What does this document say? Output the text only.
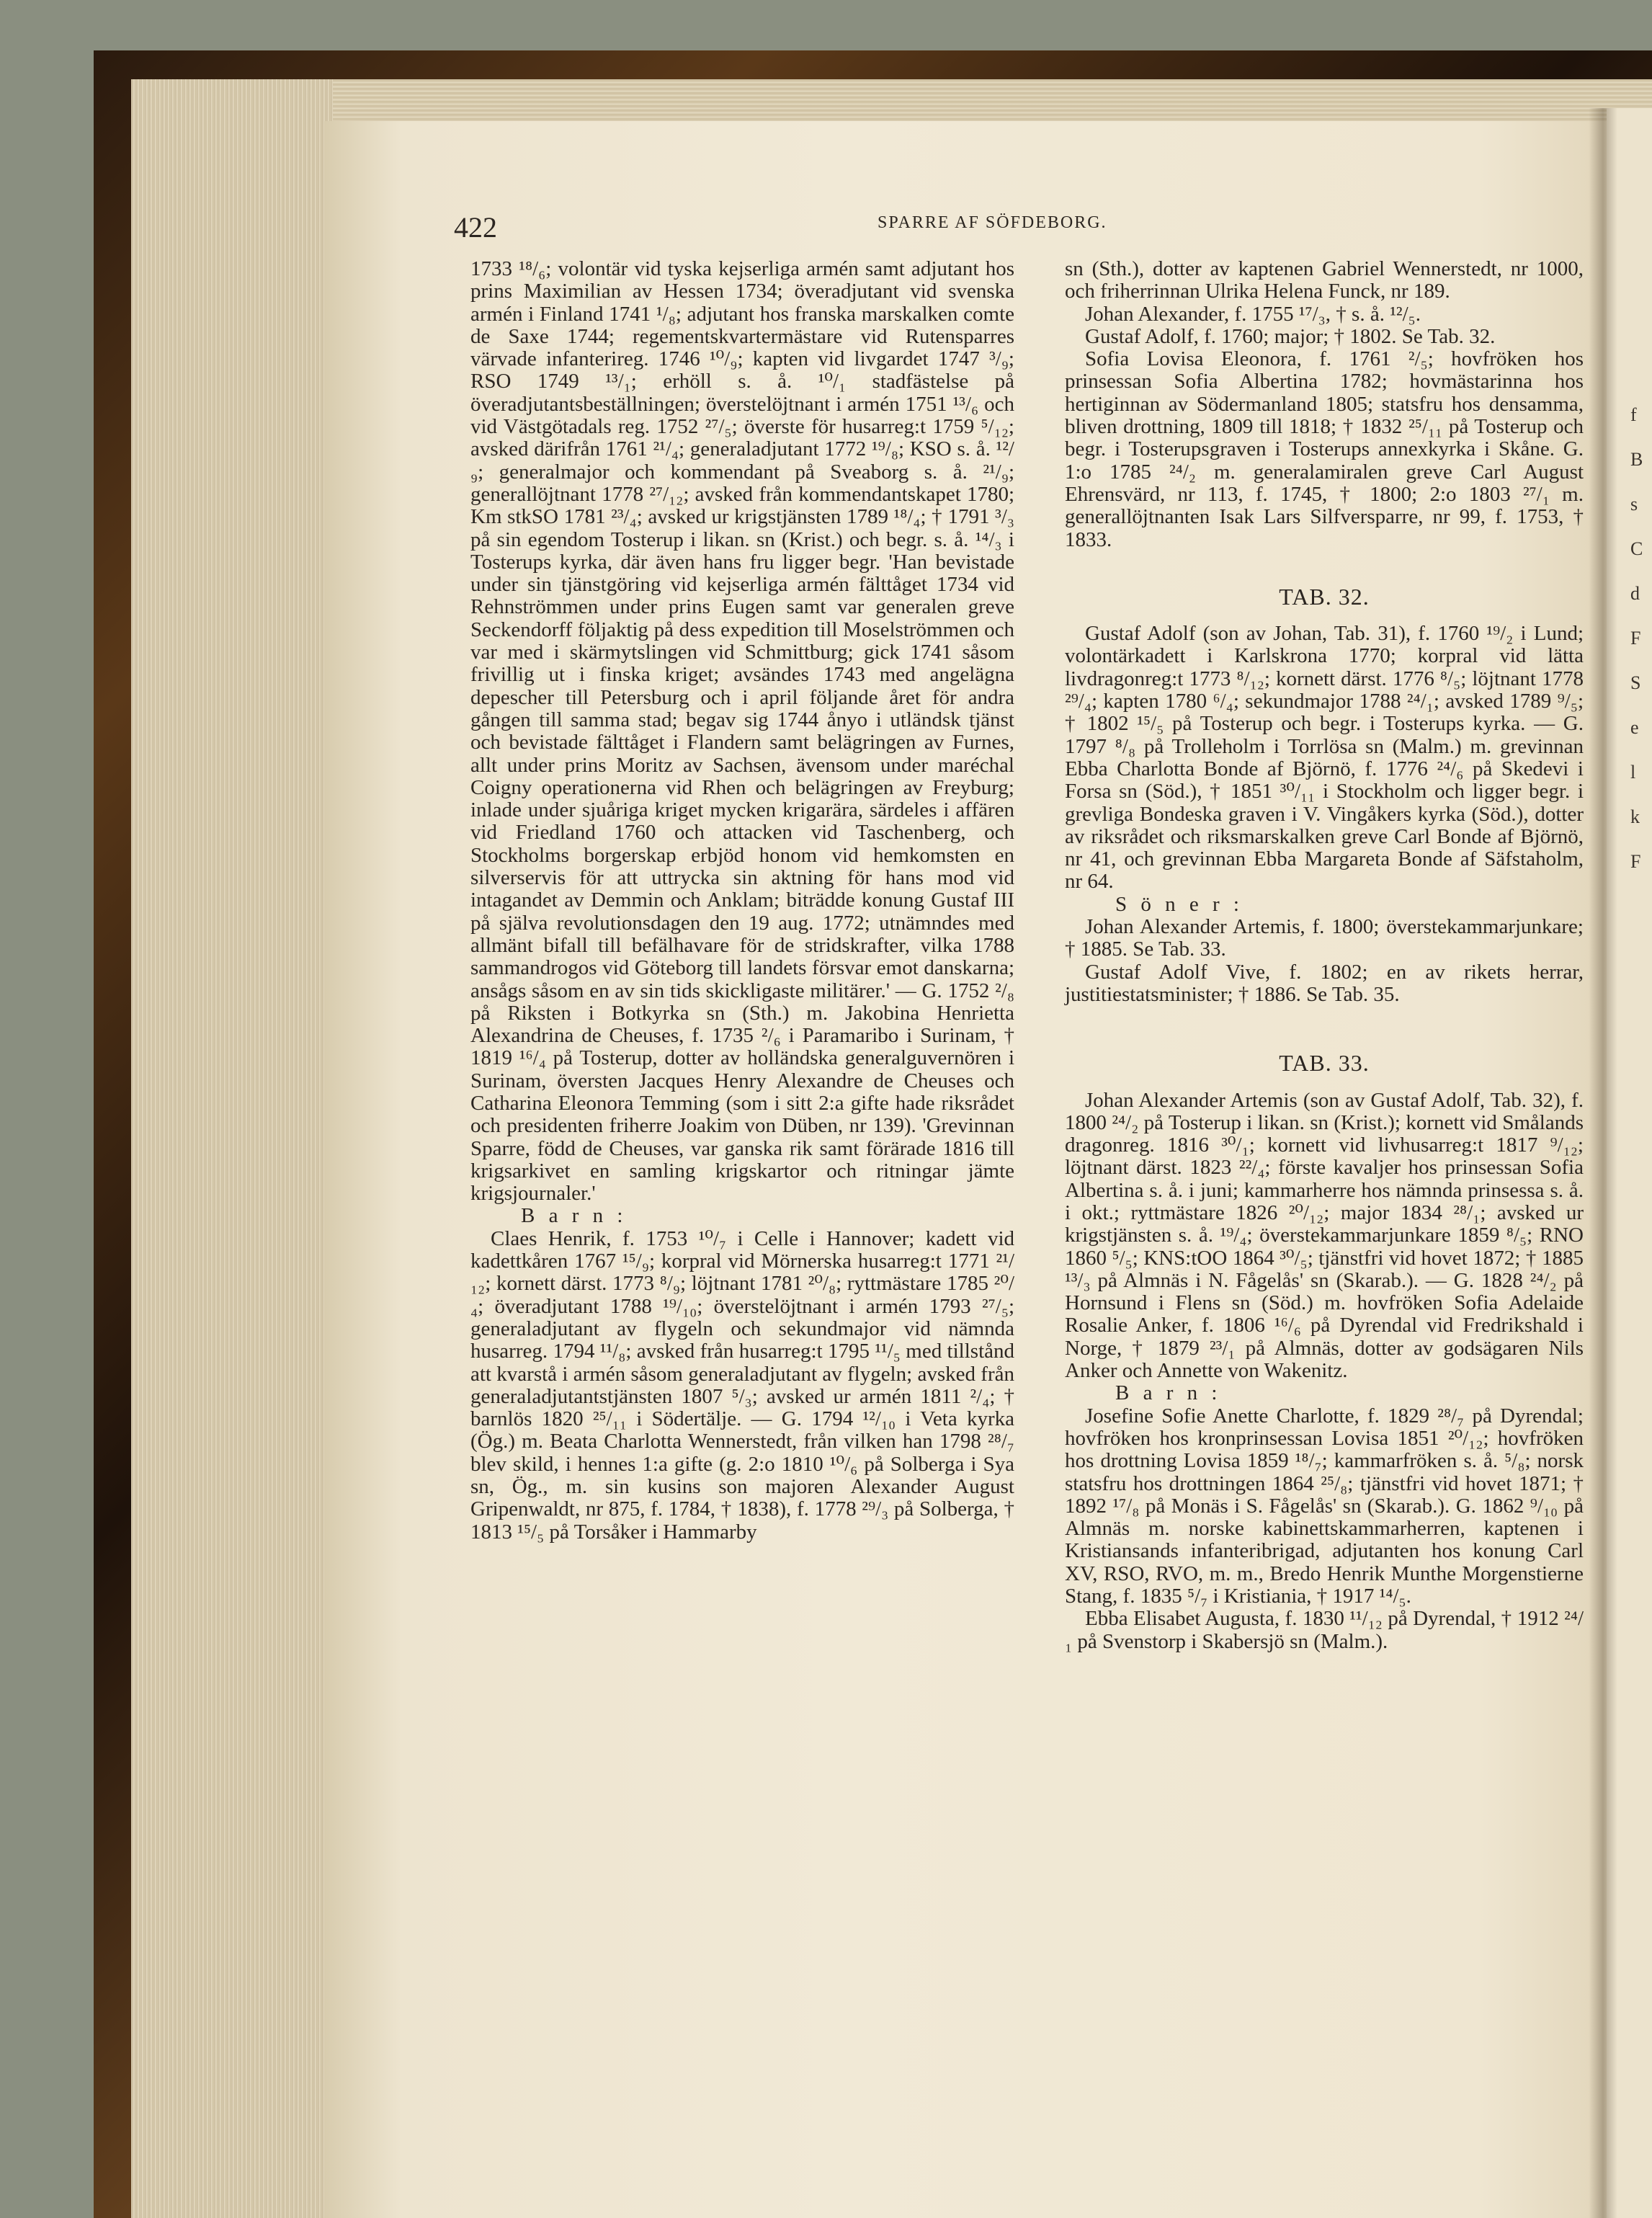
422	SPARRE AF SÖFDEBORG.

1733 ¹⁸/₆; volontär vid tyska kejserliga armén samt adjutant hos prins Maximilian av Hessen 1734; överadjutant vid svenska armén i Finland 1741 ¹/₈; adjutant hos franska marskalken comte de Saxe 1744; regementskvartermästare vid Rutensparres värvade infanterireg. 1746 ¹⁰/₉; kapten vid livgardet 1747 ³/₉; RSO 1749 ¹³/₁; erhöll s. å. ¹⁰/₁ stadfästelse på överadjutantsbeställningen; överstelöjtnant i armén 1751 ¹³/₆ och vid Västgötadals reg. 1752 ²⁷/₅; överste för husarreg:t 1759 ⁵/₁₂; avsked därifrån 1761 ²¹/₄; generaladjutant 1772 ¹⁹/₈; KSO s. å. ¹²/₉; generalmajor och kommendant på Sveaborg s. å. ²¹/₉; generallöjtnant 1778 ²⁷/₁₂; avsked från kommendantskapet 1780; Km stkSO 1781 ²³/₄; avsked ur krigstjänsten 1789 ¹⁸/₄; † 1791 ³/₃ på sin egendom Tosterup i likan. sn (Krist.) och begr. s. å. ¹⁴/₃ i Tosterups kyrka, där även hans fru ligger begr. 'Han bevistade under sin tjänstgöring vid kejserliga armén fälttåget 1734 vid Rehnströmmen under prins Eugen samt var generalen greve Seckendorff följaktig på dess expedition till Moselströmmen och var med i skärmytslingen vid Schmittburg; gick 1741 såsom frivillig ut i finska kriget; avsändes 1743 med angelägna depescher till Petersburg och i april följande året för andra gången till samma stad; begav sig 1744 ånyo i utländsk tjänst och bevistade fälttåget i Flandern samt belägringen av Furnes, allt under prins Moritz av Sachsen, ävensom under maréchal Coigny operationerna vid Rhen och belägringen av Freyburg; inlade under sjuåriga kriget mycken krigarära, särdeles i affären vid Friedland 1760 och attacken vid Taschenberg, och Stockholms borgerskap erbjöd honom vid hemkomsten en silverservis för att uttrycka sin aktning för hans mod vid intagandet av Demmin och Anklam; biträdde konung Gustaf III på själva revolutionsdagen den 19 aug. 1772; utnämndes med allmänt bifall till befälhavare för de stridskrafter, vilka 1788 sammandrogos vid Göteborg till landets försvar emot danskarna; ansågs såsom en av sin tids skickligaste militärer.' — G. 1752 ²/₈ på Riksten i Botkyrka sn (Sth.) m. Jakobina Henrietta Alexandrina de Cheuses, f. 1735 ²/₆ i Paramaribo i Surinam, † 1819 ¹⁶/₄ på Tosterup, dotter av holländska generalguvernören i Surinam, översten Jacques Henry Alexandre de Cheuses och Catharina Eleonora Temming (som i sitt 2:a gifte hade riksrådet och presidenten friherre Joakim von Düben, nr 139). 'Grevinnan Sparre, född de Cheuses, var ganska rik samt förärade 1816 till krigsarkivet en samling krigskartor och ritningar jämte krigsjournaler.'

B a r n :

Claes Henrik, f. 1753 ¹⁰/₇ i Celle i Hannover; kadett vid kadettkåren 1767 ¹⁵/₉; korpral vid Mörnerska husarreg:t 1771 ²¹/₁₂; kornett därst. 1773 ⁸/₉; löjtnant 1781 ²⁰/₈; ryttmästare 1785 ²⁰/₄; överadjutant 1788 ¹⁹/₁₀; överstelöjtnant i armén 1793 ²⁷/₅; generaladjutant av flygeln och sekundmajor vid nämnda husarreg. 1794 ¹¹/₈; avsked från husarreg:t 1795 ¹¹/₅ med tillstånd att kvarstå i armén såsom generaladjutant av flygeln; avsked från generaladjutantstjänsten 1807 ⁵/₃; avsked ur armén 1811 ²/₄; † barnlös 1820 ²⁵/₁₁ i Södertälje. — G. 1794 ¹²/₁₀ i Veta kyrka (Ög.) m. Beata Charlotta Wennerstedt, från vilken han 1798 ²⁸/₇ blev skild, i hennes 1:a gifte (g. 2:o 1810 ¹⁰/₆ på Solberga i Sya sn, Ög., m. sin kusins son majoren Alexander August Gripenwaldt, nr 875, f. 1784, † 1838), f. 1778 ²⁹/₃ på Solberga, † 1813 ¹⁵/₅ på Torsåker i Hammarby

sn (Sth.), dotter av kaptenen Gabriel Wennerstedt, nr 1000, och friherrinnan Ulrika Helena Funck, nr 189.

Johan Alexander, f. 1755 ¹⁷/₃, † s. å. ¹²/₅.

Gustaf Adolf, f. 1760; major; † 1802. Se Tab. 32.

Sofia Lovisa Eleonora, f. 1761 ²/₅; hovfröken hos prinsessan Sofia Albertina 1782; hovmästarinna hos hertiginnan av Södermanland 1805; statsfru hos densamma, bliven drottning, 1809 till 1818; † 1832 ²⁵/₁₁ på Tosterup och begr. i Tosterupsgraven i Tosterups annexkyrka i Skåne. G. 1:o 1785 ²⁴/₂ m. generalamiralen greve Carl August Ehrensvärd, nr 113, f. 1745, † 1800; 2:o 1803 ²⁷/₁ m. generallöjtnanten Isak Lars Silfversparre, nr 99, f. 1753, † 1833.

TAB. 32.

Gustaf Adolf (son av Johan, Tab. 31), f. 1760 ¹⁹/₂ i Lund; volontärkadett i Karlskrona 1770; korpral vid lätta livdragonreg:t 1773 ⁸/₁₂; kornett därst. 1776 ⁸/₅; löjtnant 1778 ²⁹/₄; kapten 1780 ⁶/₄; sekundmajor 1788 ²⁴/₁; avsked 1789 ⁹/₅; † 1802 ¹⁵/₅ på Tosterup och begr. i Tosterups kyrka. — G. 1797 ⁸/₈ på Trolleholm i Torrlösa sn (Malm.) m. grevinnan Ebba Charlotta Bonde af Björnö, f. 1776 ²⁴/₆ på Skedevi i Forsa sn (Söd.), † 1851 ³⁰/₁₁ i Stockholm och ligger begr. i grevliga Bondeska graven i V. Vingåkers kyrka (Söd.), dotter av riksrådet och riksmarskalken greve Carl Bonde af Björnö, nr 41, och grevinnan Ebba Margareta Bonde af Säfstaholm, nr 64.

S ö n e r :

Johan Alexander Artemis, f. 1800; överstekammarjunkare; † 1885. Se Tab. 33.

Gustaf Adolf Vive, f. 1802; en av rikets herrar, justitiestatsminister; † 1886. Se Tab. 35.

TAB. 33.

Johan Alexander Artemis (son av Gustaf Adolf, Tab. 32), f. 1800 ²⁴/₂ på Tosterup i likan. sn (Krist.); kornett vid Smålands dragonreg. 1816 ³⁰/₁; kornett vid livhusarreg:t 1817 ⁹/₁₂; löjtnant därst. 1823 ²²/₄; förste kavaljer hos prinsessan Sofia Albertina s. å. i juni; kammarherre hos nämnda prinsessa s. å. i okt.; ryttmästare 1826 ²⁰/₁₂; major 1834 ²⁸/₁; avsked ur krigstjänsten s. å. ¹⁹/₄; överstekammarjunkare 1859 ⁸/₅; RNO 1860 ⁵/₅; KNS:tOO 1864 ³⁰/₅; tjänstfri vid hovet 1872; † 1885 ¹³/₃ på Almnäs i N. Fågelås' sn (Skarab.). — G. 1828 ²⁴/₂ på Hornsund i Flens sn (Söd.) m. hovfröken Sofia Adelaide Rosalie Anker, f. 1806 ¹⁶/₆ på Dyrendal vid Fredrikshald i Norge, † 1879 ²³/₁ på Almnäs, dotter av godsägaren Nils Anker och Annette von Wakenitz.

B a r n :

Josefine Sofie Anette Charlotte, f. 1829 ²⁸/₇ på Dyrendal; hovfröken hos kronprinsessan Lovisa 1851 ²⁰/₁₂; hovfröken hos drottning Lovisa 1859 ¹⁸/₇; kammarfröken s. å. ⁵/₈; norsk statsfru hos drottningen 1864 ²⁵/₈; tjänstfri vid hovet 1871; † 1892 ¹⁷/₈ på Monäs i S. Fågelås' sn (Skarab.). G. 1862 ⁹/₁₀ på Almnäs m. norske kabinettskammarherren, kaptenen i Kristiansands infanteribrigad, adjutanten hos konung Carl XV, RSO, RVO, m. m., Bredo Henrik Munthe Morgenstierne Stang, f. 1835 ⁵/₇ i Kristiania, † 1917 ¹⁴/₅.

Ebba Elisabet Augusta, f. 1830 ¹¹/₁₂ på Dyrendal, † 1912 ²⁴/₁ på Svenstorp i Skabersjö sn (Malm.).

f
B
s
C
d
F
S
e
l
k
F
